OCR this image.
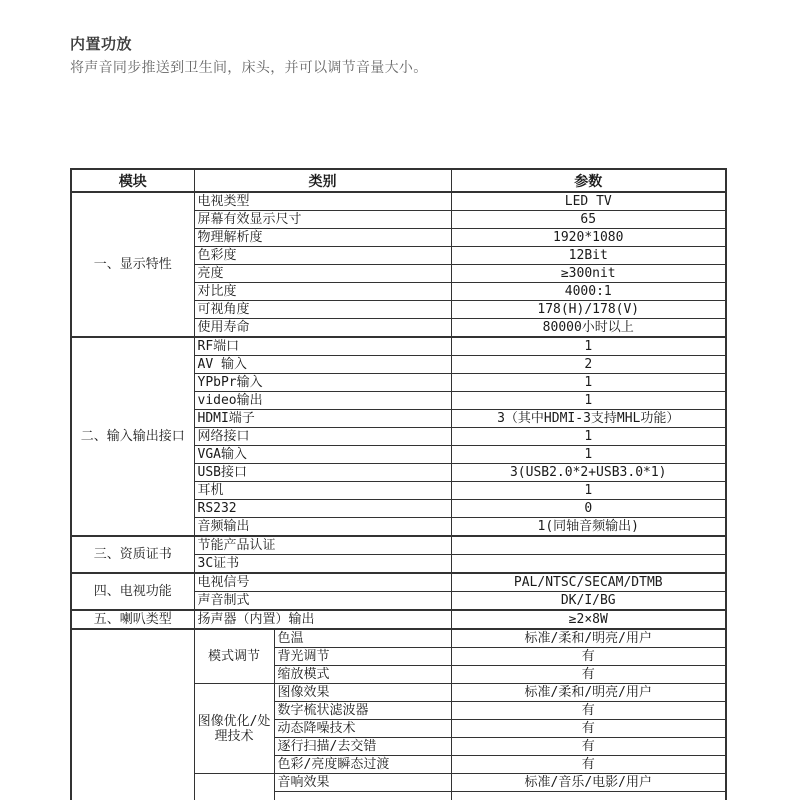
内置功放

将声音同步推送到卫生间，床头，并可以调节音量大小。

模块	类别		参数
一、显示特性	电视类型		LED TV
	屏幕有效显示尺寸		65
	物理解析度		1920*1080
	色彩度		12Bit
	亮度		≥300nit
	对比度		4000:1
	可视角度		178(H)/178(V)
	使用寿命		80000小时以上
二、输入输出接口	RF端口		1
	AV 输入		2
	YPbPr输入		1
	video输出		1
	HDMI端子		3（其中HDMI-3支持MHL功能）
	网络接口		1
	VGA输入		1
	USB接口		3(USB2.0*2+USB3.0*1)
	耳机		1
	RS232		0
	音频输出		1(同轴音频输出)
三、资质证书	节能产品认证		
	3C证书		
四、电视功能	电视信号		PAL/NTSC/SECAM/DTMB
	声音制式		DK/I/BG
五、喇叭类型	扬声器（内置）输出		≥2×8W
	模式调节	色温	标准/柔和/明亮/用户
		背光调节	有
		缩放模式	有
	图像优化/处理技术	图像效果	标准/柔和/明亮/用户
		数字梳状滤波器	有
		动态降噪技术	有
		逐行扫描/去交错	有
		色彩/亮度瞬态过渡	有
		音响效果	标准/音乐/电影/用户
